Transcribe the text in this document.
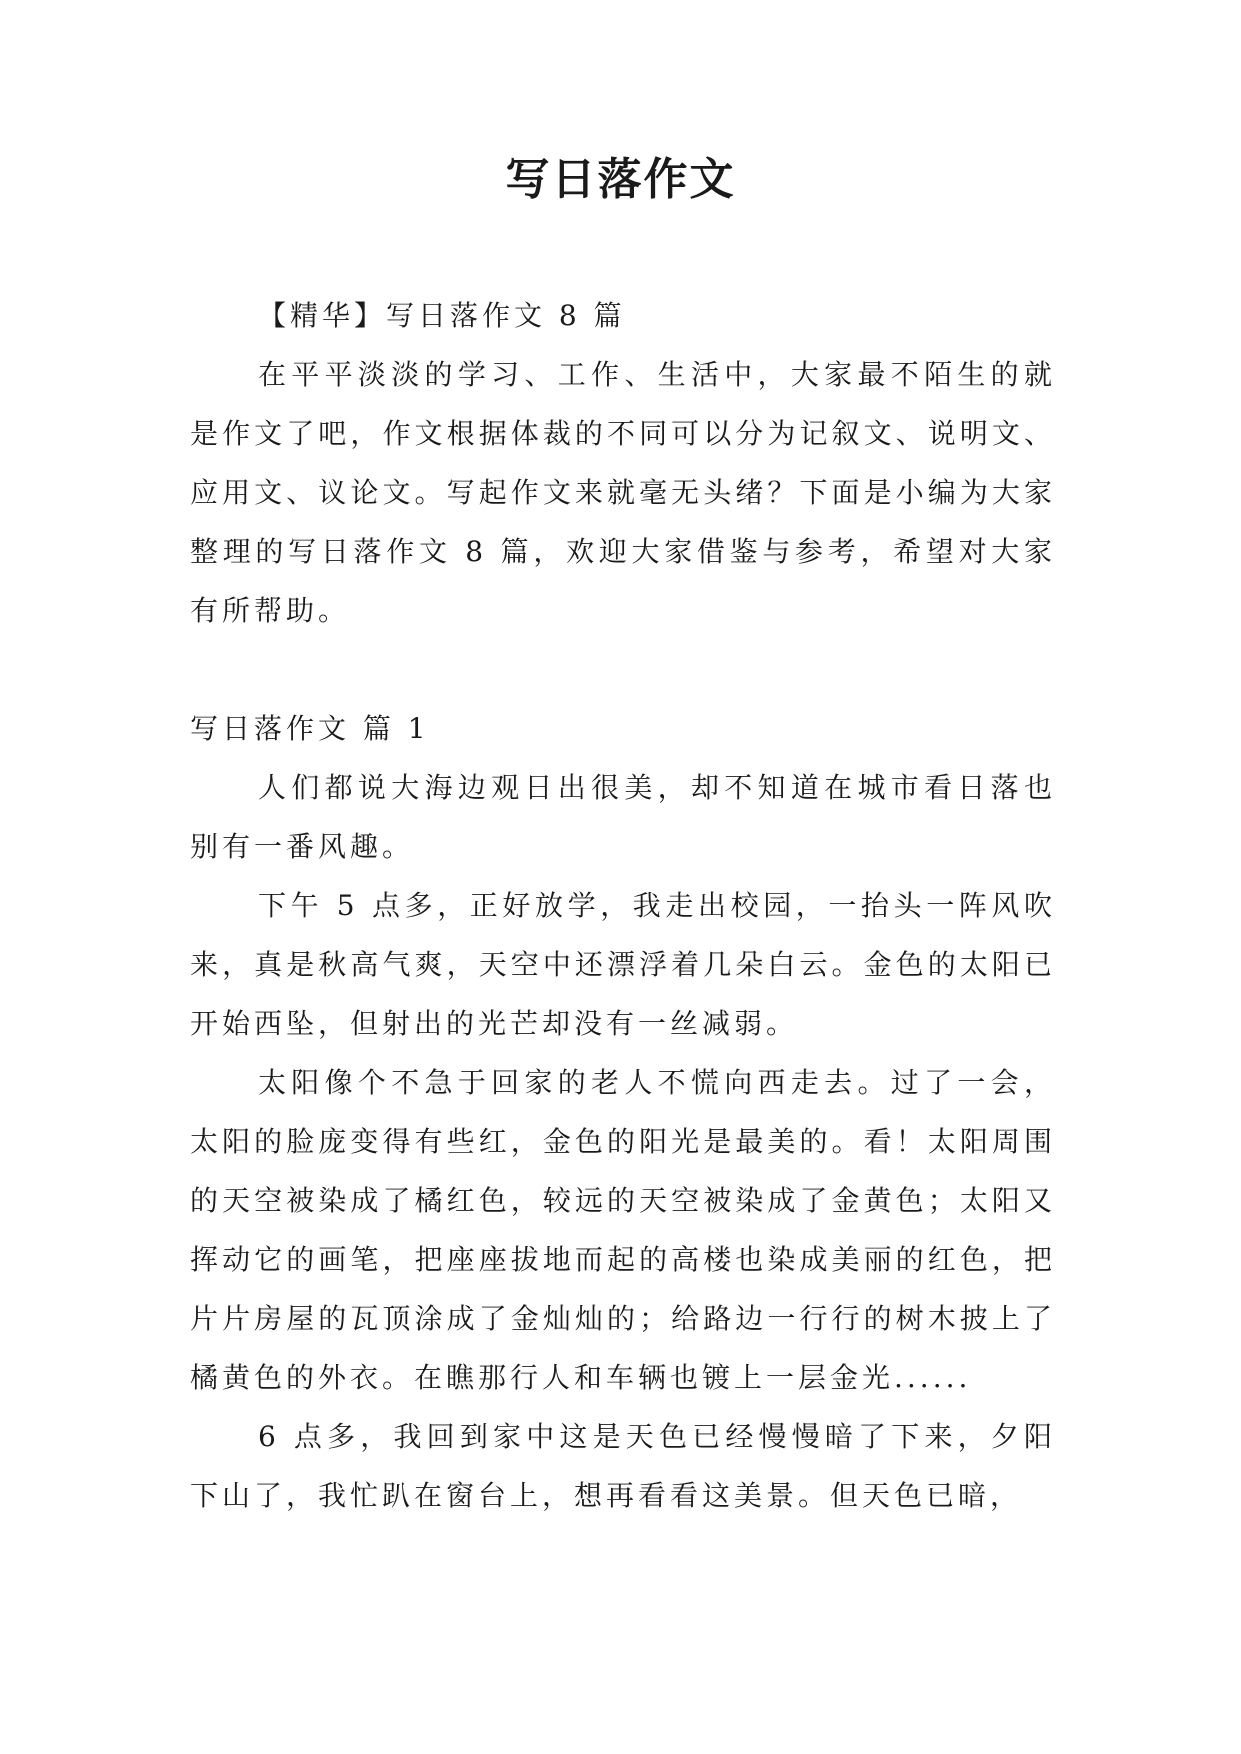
写日落作文

【精华】写日落作文 8 篇

在平平淡淡的学习、工作、生活中，大家最不陌生的就是作文了吧，作文根据体裁的不同可以分为记叙文、说明文、应用文、议论文。写起作文来就毫无头绪？下面是小编为大家整理的写日落作文 8 篇，欢迎大家借鉴与参考，希望对大家有所帮助。

写日落作文 篇 1

人们都说大海边观日出很美，却不知道在城市看日落也别有一番风趣。

下午 5 点多，正好放学，我走出校园，一抬头一阵风吹来，真是秋高气爽，天空中还漂浮着几朵白云。金色的太阳已开始西坠，但射出的光芒却没有一丝减弱。

太阳像个不急于回家的老人不慌向西走去。过了一会，太阳的脸庞变得有些红，金色的阳光是最美的。看！太阳周围的天空被染成了橘红色，较远的天空被染成了金黄色；太阳又挥动它的画笔，把座座拔地而起的高楼也染成美丽的红色，把片片房屋的瓦顶涂成了金灿灿的；给路边一行行的树木披上了橘黄色的外衣。在瞧那行人和车辆也镀上一层金光......

6 点多，我回到家中这是天色已经慢慢暗了下来，夕阳下山了，我忙趴在窗台上，想再看看这美景。但天色已暗，
